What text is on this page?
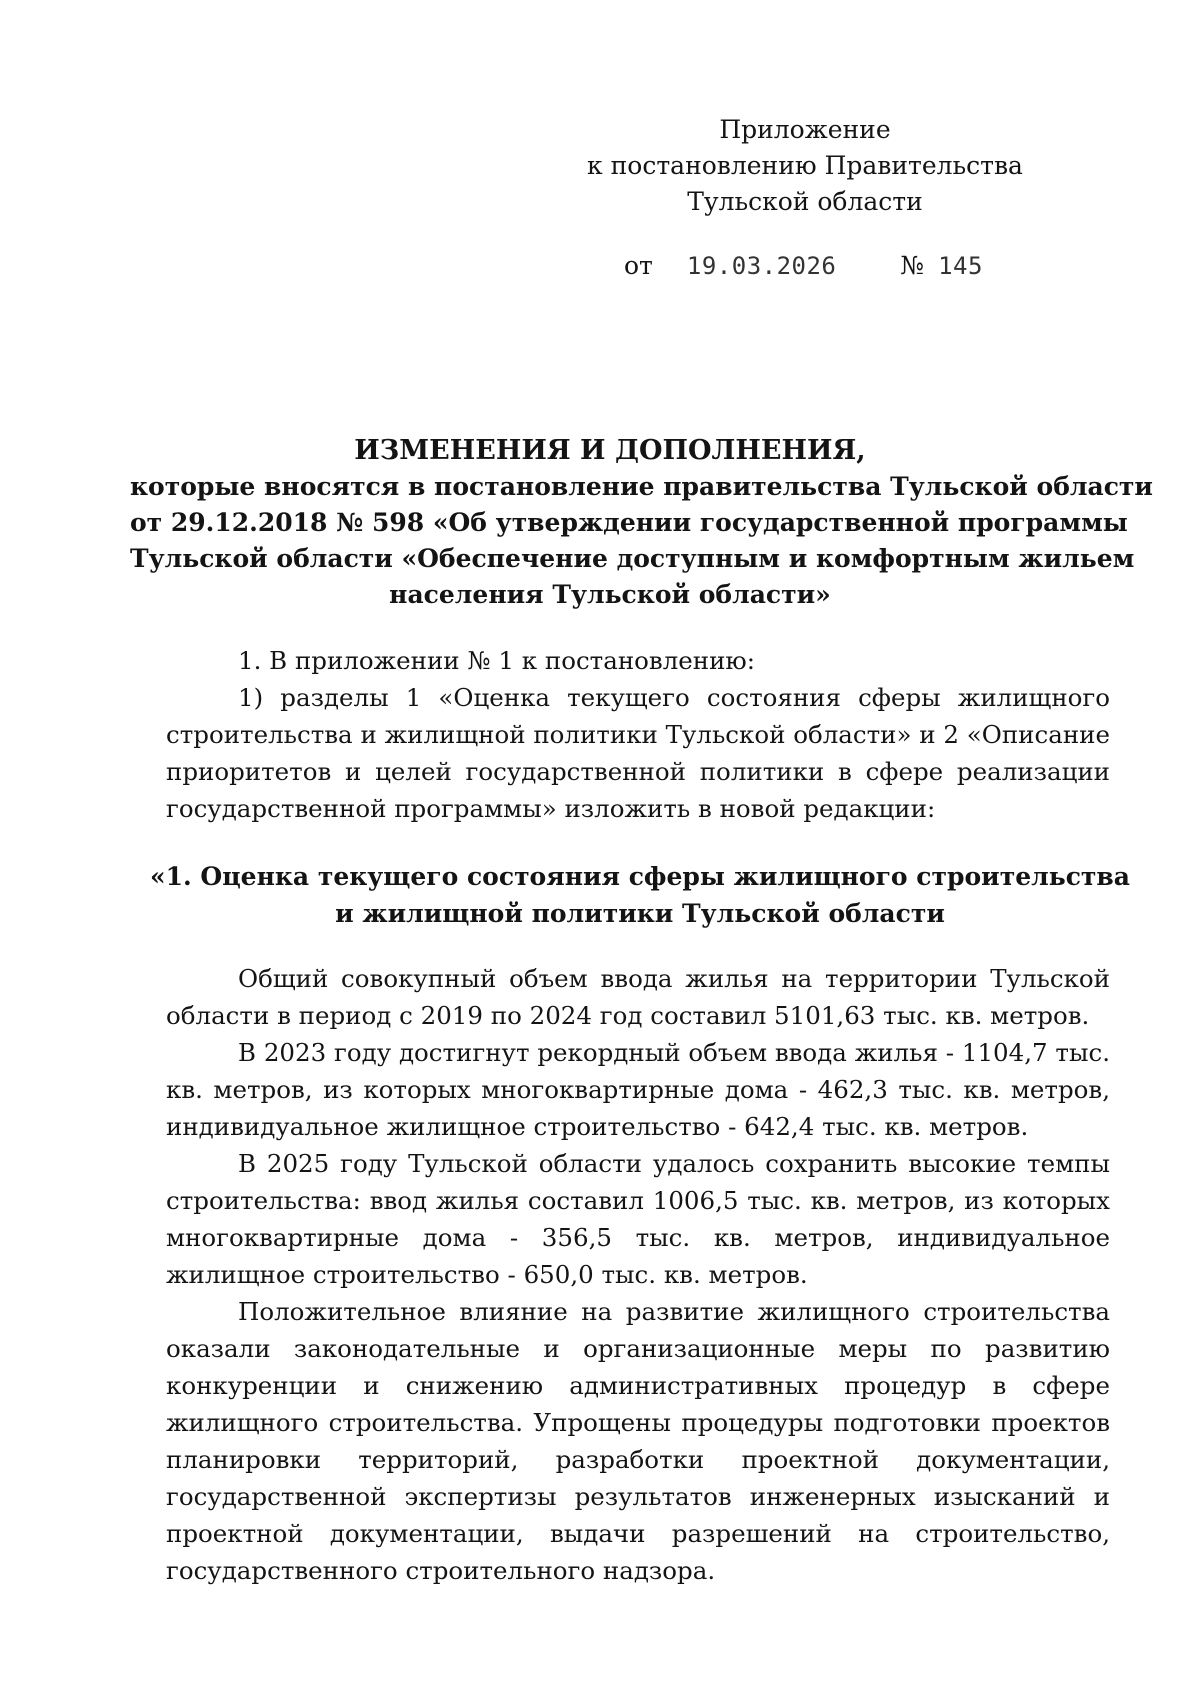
Приложение
к постановлению Правительства
Тульской области
от 19.03.2026	№ 145
ИЗМЕНЕНИЯ И ДОПОЛНЕНИЯ,
которые вносятся в постановление правительства Тульской области
от 29.12.2018 № 598 «Об утверждении государственной программы
Тульской области «Обеспечение доступным и комфортным жильем
населения Тульской области»

1. В приложении № 1 к постановлению:

1) разделы 1 «Оценка текущего состояния сферы жилищного строительства и жилищной политики Тульской области» и 2 «Описание приоритетов и целей государственной политики в сфере реализации государственной программы» изложить в новой редакции:

«1. Оценка текущего состояния сферы жилищного строительства
и жилищной политики Тульской области

Общий совокупный объем ввода жилья на территории Тульской области в период с 2019 по 2024 год составил 5101,63 тыс. кв. метров.

В 2023 году достигнут рекордный объем ввода жилья - 1104,7 тыс. кв. метров, из которых многоквартирные дома - 462,3 тыс. кв. метров, индивидуальное жилищное строительство - 642,4 тыс. кв. метров.

В 2025 году Тульской области удалось сохранить высокие темпы строительства: ввод жилья составил 1006,5 тыс. кв. метров, из которых многоквартирные дома - 356,5 тыс. кв. метров, индивидуальное жилищное строительство - 650,0 тыс. кв. метров.

Положительное влияние на развитие жилищного строительства оказали законодательные и организационные меры по развитию конкуренции и снижению административных процедур в сфере жилищного строительства. Упрощены процедуры подготовки проектов планировки территорий, разработки проектной документации, государственной экспертизы результатов инженерных изысканий и проектной документации, выдачи разрешений на строительство, государственного строительного надзора.
